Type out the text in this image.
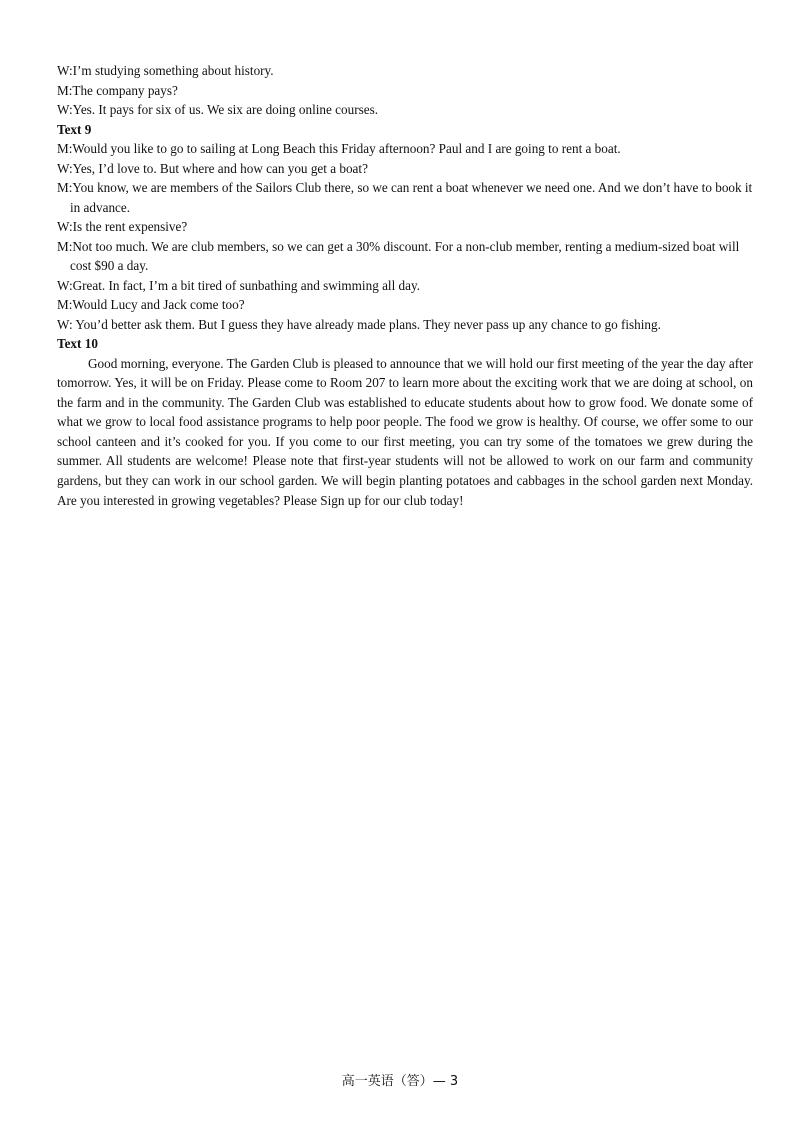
W:I’m studying something about history.

M:The company pays?

W:Yes. It pays for six of us. We six are doing online courses.

Text 9

M:Would you like to go to sailing at Long Beach this Friday afternoon? Paul and I are going to rent a boat.

W:Yes, I’d love to. But where and how can you get a boat?

M:You know, we are members of the Sailors Club there, so we can rent a boat whenever we need one. And we don’t have to book it in advance.

W:Is the rent expensive?

M:Not too much. We are club members, so we can get a 30% discount. For a non-club member, renting a medium-sized boat will cost $90 a day.

W:Great. In fact, I’m a bit tired of sunbathing and swimming all day.

M:Would Lucy and Jack come too?

W: You’d better ask them. But I guess they have already made plans. They never pass up any chance to go fishing.

Text 10

Good morning, everyone. The Garden Club is pleased to announce that we will hold our first meeting of the year the day after tomorrow. Yes, it will be on Friday. Please come to Room 207 to learn more about the exciting work that we are doing at school, on the farm and in the community. The Garden Club was established to educate students about how to grow food. We donate some of what we grow to local food assistance programs to help poor people. The food we grow is healthy. Of course, we offer some to our school canteen and it’s cooked for you. If you come to our first meeting, you can try some of the tomatoes we grew during the summer. All students are welcome! Please note that first-year students will not be allowed to work on our farm and community gardens, but they can work in our school garden. We will begin planting potatoes and cabbages in the school garden next Monday. Are you interested in growing vegetables? Please Sign up for our club today!

高一英语（答）— 3
